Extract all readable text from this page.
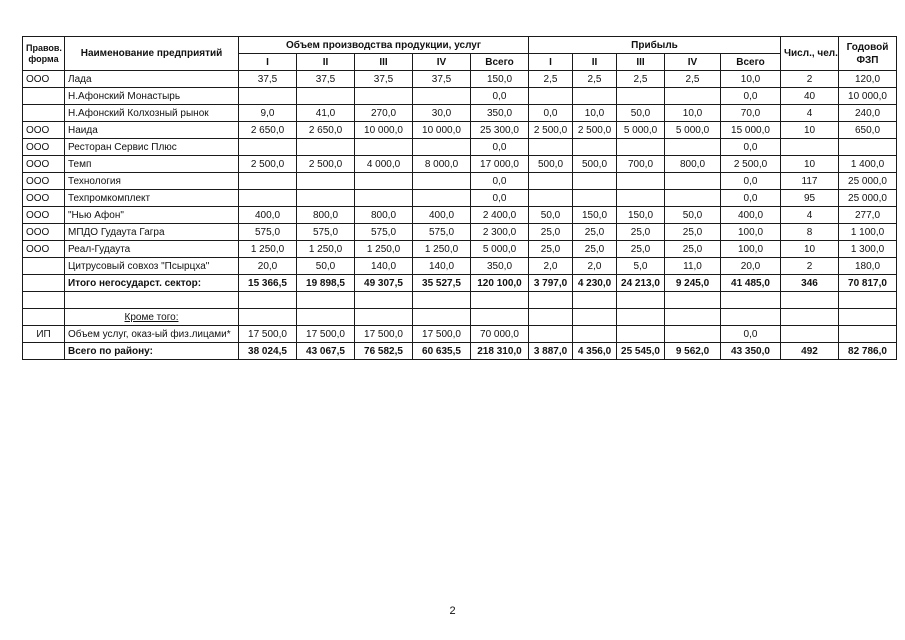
Правов. форма	Наименование предприятий	Объем производства продукции, услуг					Прибыль					Числ., чел.	Годовой ФЗП
		I	II	III	IV	Всего	I	II	III	IV	Всего		
ООО	Лада	37,5	37,5	37,5	37,5	150,0	2,5	2,5	2,5	2,5	10,0	2	120,0
	Н.Афонский Монастырь					0,0					0,0	40	10 000,0
	Н.Афонский Колхозный рынок	9,0	41,0	270,0	30,0	350,0	0,0	10,0	50,0	10,0	70,0	4	240,0
ООО	Наида	2 650,0	2 650,0	10 000,0	10 000,0	25 300,0	2 500,0	2 500,0	5 000,0	5 000,0	15 000,0	10	650,0
ООО	Ресторан Сервис Плюс					0,0					0,0		
ООО	Темп	2 500,0	2 500,0	4 000,0	8 000,0	17 000,0	500,0	500,0	700,0	800,0	2 500,0	10	1 400,0
ООО	Технология					0,0					0,0	117	25 000,0
ООО	Техпромкомплект					0,0					0,0	95	25 000,0
ООО	"Нью Афон"	400,0	800,0	800,0	400,0	2 400,0	50,0	150,0	150,0	50,0	400,0	4	277,0
ООО	МПДО Гудаута Гагра	575,0	575,0	575,0	575,0	2 300,0	25,0	25,0	25,0	25,0	100,0	8	1 100,0
ООО	Реал-Гудаута	1 250,0	1 250,0	1 250,0	1 250,0	5 000,0	25,0	25,0	25,0	25,0	100,0	10	1 300,0
	Цитрусовый совхоз "Псырцха"	20,0	50,0	140,0	140,0	350,0	2,0	2,0	5,0	11,0	20,0	2	180,0
	Итого негосударст. сектор:	15 366,5	19 898,5	49 307,5	35 527,5	120 100,0	3 797,0	4 230,0	24 213,0	9 245,0	41 485,0	346	70 817,0

	Кроме того:												
ИП	Объем услуг, оказ-ый физ.лицами*	17 500,0	17 500,0	17 500,0	17 500,0	70 000,0					0,0		
	Всего по району:	38 024,5	43 067,5	76 582,5	60 635,5	218 310,0	3 887,0	4 356,0	25 545,0	9 562,0	43 350,0	492	82 786,0
2
